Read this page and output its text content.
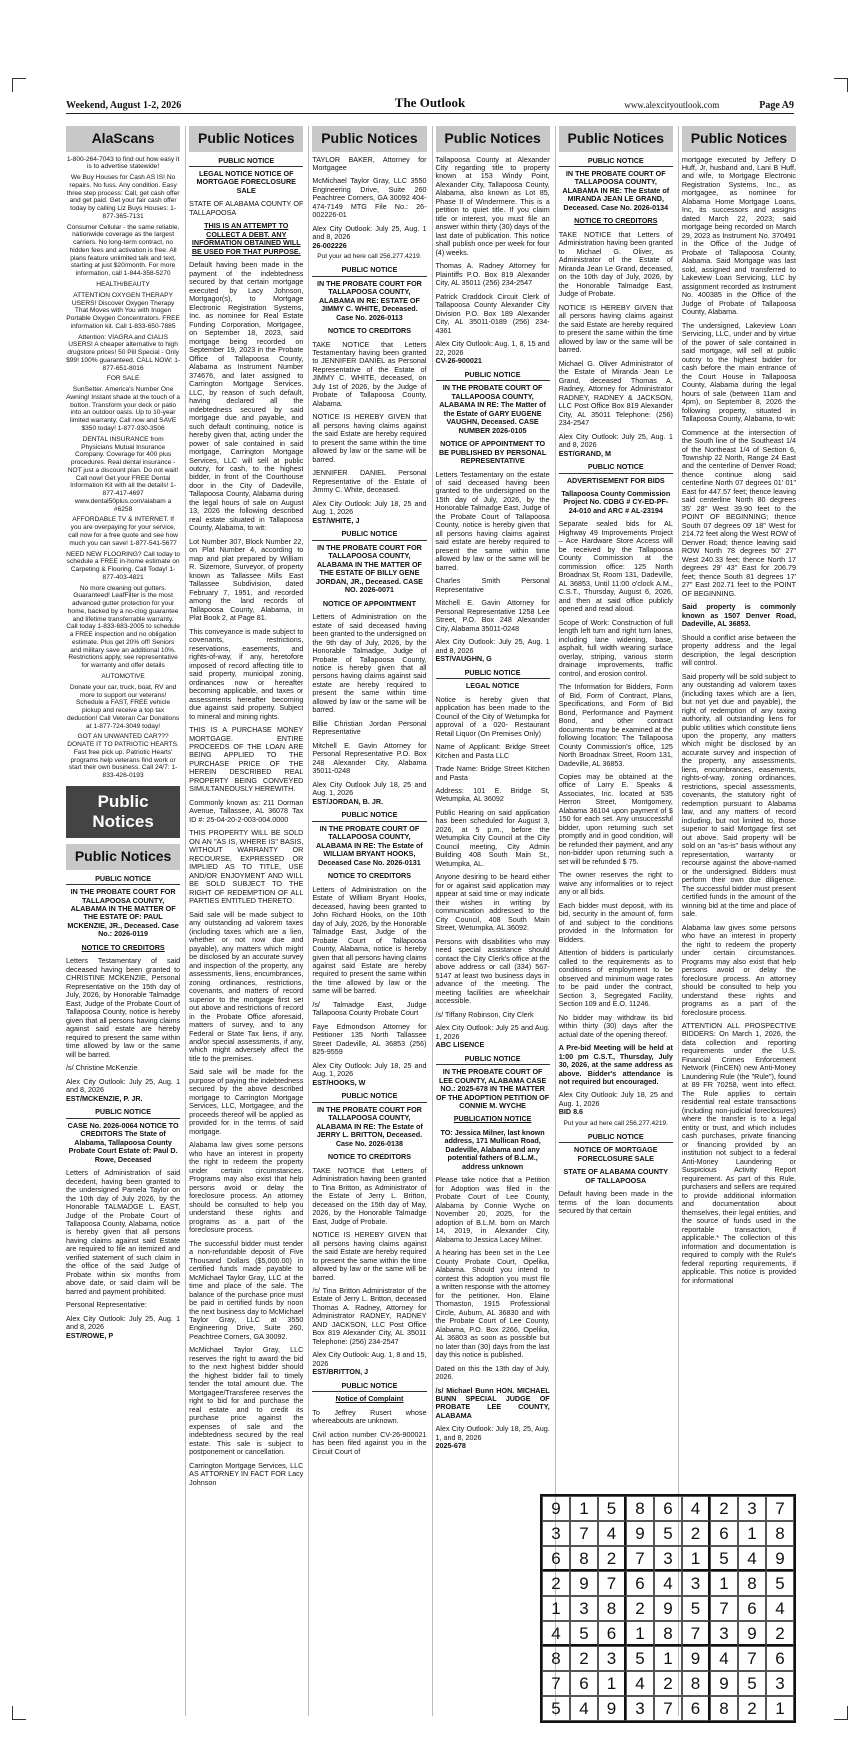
Weekend, August 1-2, 2026	The Outlook	www.alexcityoutlook.com	Page A9
AlaScans
1-800-264-7043 to find out how easy it is to advertise statewide!
We Buy Houses for Cash AS IS! No repairs. No fuss. Any condition. Easy three step process: Call, get cash offer and get paid. Get your fair cash offer today by calling Liz Buys Houses: 1-877-365-7131
Consumer Cellular - the same reliable, nationwide coverage as the largest carriers. No long-term contract, no hidden fees and activation is free. All plans feature unlimited talk and text, starting at just $20/month. For more information, call 1-844-358-5270
HEALTH/BEAUTY
ATTENTION OXYGEN THERAPY USERS! Discover Oxygen Therapy That Moves with You with Inogen Portable Oxygen Concentrators. FREE information kit. Call 1-833-650-7885
Attention: VIAGRA and CIALIS USERS! A cheaper alternative to high drugstore prices! 50 Pill Special - Only $99! 100% guaranteed. CALL NOW: 1-877-651-8016
FOR SALE
SunSetter. America's Number One Awning! Instant shade at the touch of a button. Transform your deck or patio into an outdoor oasis. Up to 10-year limited warranty. Call now and SAVE $350 today! 1-877-930-3506
DENTAL INSURANCE from Physicians Mutual Insurance Company. Coverage for 400 plus procedures. Real dental insurance - NOT just a discount plan. Do not wait! Call now! Get your FREE Dental Information Kit with all the details! 1-877-417-4697 www.dental50plus.com/alabam a #6258
AFFORDABLE TV & INTERNET. If you are overpaying for your service, call now for a free quote and see how much you can save! 1-877-541-5677
NEED NEW FLOORING? Call today to schedule a FREE in-home estimate on Carpeting & Flooring. Call Today! 1-877-403-4821
No more cleaning out gutters. Guaranteed! LeafFilter is the most advanced gutter protection for your home, backed by a no-clog guarantee and lifetime transferrable warranty. Call today 1-833-683-2005 to schedule a FREE inspection and no obligation estimate. Plus get 20% off! Seniors and military save an additional 10%. Restrictions apply, see representative for warranty and offer details
AUTOMOTIVE
Donate your car, truck, boat, RV and more to support our veterans! Schedule a FAST, FREE vehicle pickup and receive a top tax deduction! Call Veteran Car Donations at 1-877-724-3049 today!
GOT AN UNWANTED CAR??? DONATE IT TO PATRIOTIC HEARTS. Fast free pick up. Patriotic Hearts' programs help veterans find work or start their own business. Call 24/7: 1-833-426-0193
Public Notices
Public Notices
PUBLIC NOTICE

IN THE PROBATE COURT FOR TALLAPOOSA COUNTY, ALABAMA IN THE MATTER OF THE ESTATE OF: PAUL MCKENZIE, JR., Deceased. Case No.: 2026-0119

NOTICE TO CREDITORS

Letters Testamentary of said deceased having been granted to CHRISTINE MCKENZIE, Personal Representative on the 15th day of July, 2026, by Honorable Talmadge East, Judge of the Probate Court of Tallapoosa County, notice is hereby given that all persons having claims against said estate are hereby required to present the same within time allowed by law or the same will be barred.

/s/ Christine McKenzie

Alex City Outlook: July 25, Aug. 1 and 8, 2026
EST/MCKENZIE, P. JR.
PUBLIC NOTICE

CASE No. 2026-0064 NOTICE TO CREDITORS The State of Alabama, Tallapoosa County Probate Court Estate of: Paul D. Rowe, Deceased

Letters of Administration of said decedent, having been granted to the undersigned Pamela Taylor on the 10th day of July 2026, by the Honorable TALMADGE L. EAST, Judge of the Probate Court of Tallapoosa County, Alabama, notice is hereby given that all persons having claims against said Estate are required to file an itemized and verified statement of such claim in the office of the said Judge of Probate within six months from above date, or said claim will be barred and payment prohibited.

Personal Representative:

Alex City Outlook: July 25, Aug. 1 and 8, 2026
EST/ROWE, P
Public Notices
PUBLIC NOTICE

LEGAL NOTICE NOTICE OF MORTGAGE FORECLOSURE SALE

STATE OF ALABAMA COUNTY OF TALLAPOOSA

THIS IS AN ATTEMPT TO COLLECT A DEBT. ANY INFORMATION OBTAINED WILL BE USED FOR THAT PURPOSE.

Default having been made in the payment of the indebtedness secured by that certain mortgage executed by Lacy Johnson, Mortgagor(s), to Mortgage Electronic Registration Systems, Inc. as nominee for Real Estate Funding Corporation, Mortgagee, on September 18, 2023, said mortgage being recorded on September 19, 2023 in the Probate Office of Tallapoosa County, Alabama as Instrument Number 374676, and later assigned to Carrington Mortgage Services, LLC, by reason of such default, having declared all the indebtedness secured by said mortgage due and payable, and such default continuing, notice is hereby given that, acting under the power of sale contained in said mortgage, Carrington Mortgage Services, LLC will sell at public outcry, for cash, to the highest bidder, in front of the Courthouse door in the City of Dadeville, Tallapoosa County, Alabama during the legal hours of sale on August 13, 2026 the following described real estate situated in Tallapoosa County, Alabama, to wit:

Lot Number 307, Block Number 22, on Plat Number 4, according to map and plat prepared by William R. Sizemore, Surveyor, of property known as Tallassee Mills East Tallassee Subdivision, dated February 7, 1951, and recorded among the land records of Tallapoosa County, Alabama, in Plat Book 2, at Page 81.

This conveyance is made subject to covenants, restrictions, reservations, easements, and rights-of-way, if any, heretofore imposed of record affecting title to said property, municipal zoning, ordinances now or hereafter becoming applicable, and taxes or assessments hereafter becoming due against said property. Subject to mineral and mining rights.

THIS IS A PURCHASE MONEY MORTGAGE. ENTIRE PROCEEDS OF THE LOAN ARE BEING APPLIED TO THE PURCHASE PRICE OF THE HEREIN DESCRIBED REAL PROPERTY BEING CONVEYED SIMULTANEOUSLY HEREWITH.

Commonly known as: 211 Dorman Avenue, Tallassee, AL 36078 Tax ID #: 25-04-20-2-003-004.0000

THIS PROPERTY WILL BE SOLD ON AN "AS IS, WHERE IS" BASIS, WITHOUT WARRANTY OR RECOURSE, EXPRESSED OR IMPLIED AS TO TITLE, USE AND/OR ENJOYMENT AND WILL BE SOLD SUBJECT TO THE RIGHT OF REDEMPTION OF ALL PARTIES ENTITLED THERETO.

Said sale will be made subject to any outstanding ad valorem taxes (including taxes which are a lien, whether or not now due and payable), any matters which might be disclosed by an accurate survey and inspection of the property, any assessments, liens, encumbrances, zoning ordinances, restrictions, covenants, and matters of record superior to the mortgage first set out above and restrictions of record in the Probate Office aforesaid, matters of survey, and to any Federal or State Tax liens, if any, and/or special assessments, if any, which might adversely affect the title to the premises.

Said sale will be made for the purpose of paying the indebtedness secured by the above described mortgage to Carrington Mortgage Services, LLC, Mortgagee, and the proceeds thereof will be applied as provided for in the terms of said mortgage.

Alabama law gives some persons who have an interest in property the right to redeem the property under certain circumstances. Programs may also exist that help persons avoid or delay the foreclosure process. An attorney should be consulted to help you understand these rights and programs as a part of the foreclosure process.

The successful bidder must tender a non-refundable deposit of Five Thousand Dollars ($5,000.00) in certified funds made payable to McMichael Taylor Gray, LLC at the time and place of the sale. The balance of the purchase price must be paid in certified funds by noon the next business day to McMichael Taylor Gray, LLC at 3550 Engineering Drive, Suite 260, Peachtree Corners, GA 30092.

McMichael Taylor Gray, LLC reserves the right to award the bid to the next highest bidder should the highest bidder fail to timely tender the total amount due. The Mortgagee/Transferee reserves the right to bid for and purchase the real estate and to credit its purchase price against the expenses of sale and the indebtedness secured by the real estate. This sale is subject to postponement or cancellation.

Carrington Mortgage Services, LLC AS ATTORNEY IN FACT FOR Lacy Johnson

Public Notices

TAYLOR BAKER, Attorney for Mortgagee

McMichael Taylor Gray, LLC 3550 Engineering Drive, Suite 260 Peachtree Corners, GA 30092 404-474-7149 MTG File No.: 26-002226-01

Alex City Outlook: July 25, Aug. 1 and 8, 2026
26-002226
Put your ad here call 256.277.4219.
PUBLIC NOTICE

IN THE PROBATE COURT FOR TALLAPOOSA COUNTY, ALABAMA IN RE: ESTATE OF JIMMY C. WHITE, Deceased. Case No. 2026-0113

NOTICE TO CREDITORS

TAKE NOTICE that Letters Testamentary having been granted to JENNIFER DANIEL as Personal Representative of the Estate of JIMMY C. WHITE, deceased, on July 1st of 2026, by the Judge of Probate of Tallapoosa County, Alabama.

NOTICE IS HEREBY GIVEN that all persons having claims against the said Estate are hereby required to present the same within the time allowed by law or the same will be barred.

JENNIFER DANIEL Personal Representative of the Estate of Jimmy C. White, deceased.

Alex City Outlook: July 18, 25 and Aug. 1, 2026
EST/WHITE, J
PUBLIC NOTICE

IN THE PROBATE COURT FOR TALLAPOOSA COUNTY, ALABAMA IN THE MATTER OF THE ESTATE OF BILLY GENE JORDAN, JR., Deceased. CASE NO. 2026-0071

NOTICE OF APPOINTMENT

Letters of Administration on the estate of said deceased having been granted to the undersigned on the 9th day of July, 2026, by the Honorable Talmadge, Judge of Probate of Tallapoosa County, notice is hereby given that all persons having claims against said estate are hereby required to present the same within time allowed by law or the same will be barred.

Billie Christian Jordan Personal Representative

Mitchell E. Gavin Attorney for Personal Representative P.O. Box 248 Alexander City, Alabama 35011-0248

Alex City Outlook July 18, 25 and Aug. 1, 2026
EST/JORDAN, B. JR.
PUBLIC NOTICE

IN THE PROBATE COURT OF TALLAPOOSA COUNTY, ALABAMA IN RE: The Estate of WILLIAM BRYANT HOOKS, Deceased Case No. 2026-0131

NOTICE TO CREDITORS

Letters of Administration on the Estate of William Bryant Hooks, deceased, having been granted to John Richard Hooks, on the 10th day of July, 2026, by the Honorable Talmadge East, Judge of the Probate Court of Tallapoosa County, Alabama, notice is hereby given that all persons having claims against said Estate are hereby required to present the same within the time allowed by law or the same will be barred.

/s/ Talmadge East, Judge Tallapoosa County Probate Court

Faye Edmondson Attorney for Petitioner 135 North Tallassee Street Dadeville, AL 36853 (256) 825-9559

Alex City Outlook: July 18, 25 and Aug. 1, 2026
EST/HOOKS, W
PUBLIC NOTICE

IN THE PROBATE COURT FOR TALLAPOOSA COUNTY, ALABAMA IN RE: The Estate of JERRY L. BRITTON, Deceased. Case No. 2026-0138

NOTICE TO CREDITORS

TAKE NOTICE that Letters of Administration having been granted to Tina Britton, as Administrator of the Estate of Jerry L. Britton, deceased on the 15th day of May, 2026, by the Honorable Talmadge East, Judge of Probate.

NOTICE IS HEREBY GIVEN that all persons having claims against the said Estate are hereby required to present the same within the time allowed by law or the same will be barred.

/s/ Tina Britton Administrator of the Estate of Jerry L. Britton, deceased Thomas A. Radney, Attorney for Administrator RADNEY, RADNEY AND JACKSON, LLC Post Office Box 819 Alexander City, AL 35011 Telephone: (256) 234-2547

Alex City Outlook: Aug. 1, 8 and 15, 2026
EST/BRITTON, J
PUBLIC NOTICE

Notice of Complaint

To Jeffrey Rusert whose whereabouts are unknown.

Civil action number CV-26-900021 has been filed against you in the Circuit Court of

Public Notices

Tallapoosa County at Alexander City regarding title to property known at 153 Windy Point, Alexander City, Tallapoosa County, Alabama, also known as Lot 85, Phase II of Windermere. This is a petition to quiet title. If you claim title or interest, you must file an answer within thirty (30) days of the last date of publication. This notice shall publish once per week for four (4) weeks.

Thomas A. Radney Attorney for Plaintiffs P.O. Box 819 Alexander City, AL 35011 (256) 234-2547

Patrick Craddock Circuit Clerk of Tallapoosa County Alexander City Division P.O. Box 189 Alexander City, AL 35011-0189 (256) 234-4361

Alex City Outlook: Aug. 1, 8, 15 and 22, 2026
CV-26-900021
PUBLIC NOTICE

IN THE PROBATE COURT OF TALLAPOOSA COUNTY, ALABAMA IN RE: The Matter of the Estate of GARY EUGENE VAUGHN, Deceased. CASE NUMBER 2026-0105

NOTICE OF APPOINTMENT TO BE PUBLISHED BY PERSONAL REPRESENTATIVE

Letters Testamentary on the estate of said deceased having been granted to the undersigned on the 15th day of July, 2026, by the Honorable Talmadge East, Judge of the Probate Court of Tallapoosa County, notice is hereby given that all persons having claims against said estate are hereby required to present the same within time allowed by law or the same will be barred.

Charles Smith Personal Representative

Mitchell E. Gavin Attorney for Personal Representative 1258 Lee Street, P.O. Box 248 Alexander City, Alabama 35011-0248

Alex City Outlook: July 25, Aug. 1 and 8, 2026
EST/VAUGHN, G
PUBLIC NOTICE

LEGAL NOTICE

Notice is hereby given that application has been made to the Council of the City of Wetumpka for approval of a 020- Restaurant Retail Liquor (On Premises Only)

Name of Applicant: Bridge Street Kitchen and Pasta LLC

Trade Name: Bridge Street Kitchen and Pasta

Address: 101 E. Bridge St, Wetumpka, AL 36092

Public Hearing on said application has been scheduled for August 3, 2026, at 5 p.m., before the Wetumpka City Council at the City Council meeting, City Admin Building 408 South Main St., Wetumpka, AL.

Anyone desiring to be heard either for or against said application may appear at said time or may indicate their wishes in writing by communication addressed to the City Council, 408 South Main Street, Wetumpka, AL 36092.

Persons with disabilities who may need special assistance should contact the City Clerk's office at the above address or call (334) 567-5147 at least two business days in advance of the meeting. The meeting facilities are wheelchair accessible.

/s/ Tiffany Robinson, City Clerk

Alex City Outlook: July 25 and Aug. 1, 2026
ABC LISENCE
PUBLIC NOTICE

IN THE PROBATE COURT OF LEE COUNTY, ALABAMA CASE NO.: 2025-678 IN THE MATTER OF THE ADOPTION PETITION OF CONNIE M. WYCHE

PUBLICATION NOTICE

TO: Jessica Milner, last known address, 171 Mullican Road, Dadeville, Alabama and any potential fathers of B.L.M., address unknown

Please take notice that a Petition for Adoption was filed in the Probate Court of Lee County, Alabama by Connie Wyche on November 20, 2025, for the adoption of B.L.M. born on March 14, 2019, in Alexander City, Alabama to Jessica Lacey Milner.

A hearing has been set in the Lee County Probate Court, Opelika, Alabama. Should you intend to contest this adoption you must file a written response with the attorney for the petitioner, Hon. Elaine Thomaston, 1915 Professional Circle, Auburn, AL 36830 and with the Probate Court of Lee County, Alabama, P.O. Box 2266, Opelika, AL 36803 as soon as possible but no later than (30) days from the last day this notice is published.

Dated on this the 13th day of July, 2026.

/s/ Michael Bunn HON. MICHAEL BUNN SPECIAL JUDGE OF PROBATE LEE COUNTY, ALABAMA

Alex City Outlook: July 18, 25, Aug. 1, and 8, 2026
2025-678
Public Notices
PUBLIC NOTICE

IN THE PROBATE COURT OF TALLAPOOSA COUNTY, ALABAMA IN RE: The Estate of MIRANDA JEAN LE GRAND, Deceased. Case No. 2026-0134

NOTICE TO CREDITORS

TAKE NOTICE that Letters of Administration having been granted to Michael G. Oliver, as Administrator of the Estate of Miranda Jean Le Grand, deceased, on the 10th day of July, 2026, by the Honorable Talmadge East, Judge of Probate.

NOTICE IS HEREBY GIVEN that all persons having claims against the said Estate are hereby required to present the same within the time allowed by law or the same will be barred.

Michael G. Oliver Administrator of the Estate of Miranda Jean Le Grand, deceased Thomas A. Radney, Attorney for Administrator RADNEY, RADNEY & JACKSON, LLC Post Office Box 819 Alexander City, AL 35011 Telephone: (256) 234-2547

Alex City Outlook: July 25, Aug. 1 and 8, 2026
EST/GRAND, M
PUBLIC NOTICE

ADVERTISEMENT FOR BIDS

Tallapoosa County Commission Project No. CDBG # CY-ED-PF-24-010 and ARC # AL-23194

Separate sealed bids for AL Highway 49 Improvements Project – Ace Hardware Store Access will be received by the Tallapoosa County Commission at the commission office: 125 North Broadnax St, Room 131, Dadeville, AL 36853, Until 11:00 o'clock A.M., C.S.T., Thursday, August 6, 2026, and then at said office publicly opened and read aloud.

Scope of Work: Construction of full length left turn and right turn lanes, including lane widening, base, asphalt, full width wearing surface overlay, striping, various storm drainage improvements, traffic control, and erosion control.

The Information for Bidders, Form of Bid, Form of Contract, Plans, Specifications, and Form of Bid Bond, Performance and Payment Bond, and other contract documents may be examined at the following location: The Tallapoosa County Commission's office, 125 North Broadnax Street, Room 131, Dadeville, AL 36853.

Copies may be obtained at the office of Larry E. Speaks & Associates, Inc. located at 535 Herron Street, Montgomery, Alabama 36104 upon payment of $ 150 for each set. Any unsuccessful bidder, upon returning such set promptly and in good condition, will be refunded their payment, and any non-bidder upon returning such a set will be refunded $ 75.

The owner reserves the right to waive any informalities or to reject any or all bids.

Each bidder must deposit, with its bid, security in the amount of, form of and subject to the conditions provided in the Information for Bidders.

Attention of bidders is particularly called to the requirements as to conditions of employment to be observed and minimum wage rates to be paid under the contract, Section 3, Segregated Facility, Section 109 and E.O. 11246.

No bidder may withdraw its bid within thirty (30) days after the actual date of the opening thereof.

A Pre-bid Meeting will be held at 1:00 pm C.S.T., Thursday, July 30, 2026, at the same address as above. Bidder's attendance is not required but encouraged.

Alex City Outlook: July 18, 25 and Aug. 1, 2026
BID 8.6
Put your ad here call 256.277.4219.
PUBLIC NOTICE

NOTICE OF MORTGAGE FORECLOSURE SALE

STATE OF ALABAMA COUNTY OF TALLAPOOSA

Default having been made in the terms of the loan documents secured by that certain

Public Notices

mortgage executed by Jeffery D Huff, Jr, husband and, Lani B Huff, and wife, to Mortgage Electronic Registration Systems, Inc., as mortgagee, as nominee for Alabama Home Mortgage Loans, Inc, its successors and assigns dated March 22, 2023; said mortgage being recorded on March 29, 2023 as Instrument No. 370491 in the Office of the Judge of Probate of Tallapoosa County, Alabama. Said Mortgage was last sold, assigned and transferred to Lakeview Loan Servicing, LLC by assignment recorded as Instrument No. 400385 in the Office of the Judge of Probate of Tallapoosa County, Alabama.

The undersigned, Lakeview Loan Servicing, LLC, under and by virtue of the power of sale contained in said mortgage, will sell at public outcry to the highest bidder for cash before the main entrance of the Court House in Tallapoosa County, Alabama during the legal hours of sale (between 11am and 4pm), on September 8, 2026 the following property, situated in Tallapoosa County, Alabama, to-wit:

Commence at the intersection of the South line of the Southeast 1/4 of the Northeast 1/4 of Section 6, Township 22 North, Range 24 East and the centerline of Denver Road; thence continue along said centerline North 07 degrees 01' 01" East for 447.57 feet; thence leaving said centerline North 80 degrees 35' 28" West 39.90 feet to the POINT OF BEGINNING; thence South 07 degrees 09' 18" West for 214.72 feet along the West ROW of Denver Road; thence leaving said ROW North 78 degrees 50' 27" West 240.33 feet; thence North 17 degrees 29' 43" East for 206.79 feet; thence South 81 degrees 17' 27" East 202.71 feet to the POINT OF BEGINNING.

Said property is commonly known as 1507 Denver Road, Dadeville, AL 36853.

Should a conflict arise between the property address and the legal description, the legal description will control.

Said property will be sold subject to any outstanding ad valorem taxes (including taxes which are a lien, but not yet due and payable), the right of redemption of any taxing authority, all outstanding liens for public utilities which constitute liens upon the property, any matters which might be disclosed by an accurate survey and inspection of the property, any assessments, liens, encumbrances, easements, rights-of-way, zoning ordinances, restrictions, special assessments, covenants, the statutory right of redemption pursuant to Alabama law, and any matters of record including, but not limited to, those superior to said Mortgage first set out above. Said property will be sold on an "as-is" basis without any representation, warranty or recourse against the above-named or the undersigned. Bidders must perform their own due diligence. The successful bidder must present certified funds in the amount of the winning bid at the time and place of sale.

Alabama law gives some persons who have an interest in property the right to redeem the property under certain circumstances. Programs may also exist that help persons avoid or delay the foreclosure process. An attorney should be consulted to help you understand these rights and programs as a part of the foreclosure process.

ATTENTION ALL PROSPECTIVE BIDDERS: On March 1, 2026, the data collection and reporting requirements under the U.S. Financial Crimes Enforcement Network (FinCEN) new Anti-Money Laundering Rule (the "Rule"), found at 89 FR 70258, went into effect. The Rule applies to certain residential real estate transactions (including non-judicial foreclosures) where the transfer is to a legal entity or trust, and which includes cash purchases, private financing or financing provided by an institution not subject to a federal Anti-Money Laundering or Suspicious Activity Report requirement. As part of this Rule, purchasers and sellers are required to provide additional information and documentation about themselves, their legal entities, and the source of funds used in the reportable transaction, if applicable.* The collection of this information and documentation is required to comply with the Rule's federal reporting requirements, if applicable. This notice is provided for informational

9	1	5	8	6	4	2	3	7
3	7	4	9	5	2	6	1	8
6	8	2	7	3	1	5	4	9
2	9	7	6	4	3	1	8	5
1	3	8	2	9	5	7	6	4
4	5	6	1	8	7	3	9	2
8	2	3	5	1	9	4	7	6
7	6	1	4	2	8	9	5	3
5	4	9	3	7	6	8	2	1
